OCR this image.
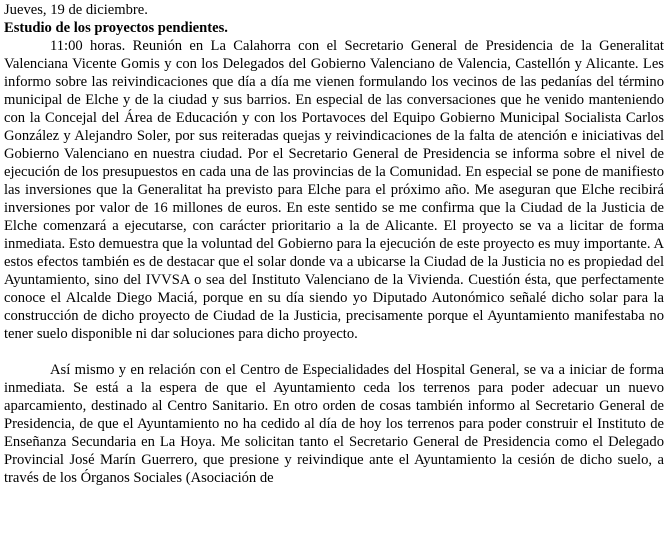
Jueves, 19 de diciembre.

Estudio de los proyectos pendientes.

11:00 horas. Reunión en La Calahorra con el Secretario General de Presidencia de la Generalitat Valenciana Vicente Gomis y con los Delegados del Gobierno Valenciano de Valencia, Castellón y Alicante. Les informo sobre las reivindicaciones que día a día me vienen formulando los vecinos de las pedanías del término municipal de Elche y de la ciudad y sus barrios. En especial de las conversaciones que he venido manteniendo con la Concejal del Área de Educación y con los Portavoces del Equipo Gobierno Municipal Socialista Carlos González y Alejandro Soler, por sus reiteradas quejas y reivindicaciones de la falta de atención e iniciativas del Gobierno Valenciano en nuestra ciudad. Por el Secretario General de Presidencia se informa sobre el nivel de ejecución de los presupuestos en cada una de las provincias de la Comunidad. En especial se pone de manifiesto las inversiones que la Generalitat ha previsto para Elche para el próximo año. Me aseguran que Elche recibirá inversiones por valor de 16 millones de euros. En este sentido se me confirma que la Ciudad de la Justicia de Elche comenzará a ejecutarse, con carácter prioritario a la de Alicante. El proyecto se va a licitar de forma inmediata. Esto demuestra que la voluntad del Gobierno para la ejecución de este proyecto es muy importante. A estos efectos también es de destacar que el solar donde va a ubicarse la Ciudad de la Justicia no es propiedad del Ayuntamiento, sino del IVVSA o sea del Instituto Valenciano de la Vivienda. Cuestión ésta, que perfectamente conoce el Alcalde Diego Maciá, porque en su día siendo yo Diputado Autonómico señalé dicho solar para la construcción de dicho proyecto de Ciudad de la Justicia, precisamente porque el Ayuntamiento manifestaba no tener suelo disponible ni dar soluciones para dicho proyecto.

Así mismo y en relación con el Centro de Especialidades del Hospital General, se va a iniciar de forma inmediata. Se está a la espera de que el Ayuntamiento ceda los terrenos para poder adecuar un nuevo aparcamiento, destinado al Centro Sanitario. En otro orden de cosas también informo al Secretario General de Presidencia, de que el Ayuntamiento no ha cedido al día de hoy los terrenos para poder construir el Instituto de Enseñanza Secundaria en La Hoya. Me solicitan tanto el Secretario General de Presidencia como el Delegado Provincial José Marín Guerrero, que presione y reivindique ante el Ayuntamiento la cesión de dicho suelo, a través de los Órganos Sociales (Asociación de
